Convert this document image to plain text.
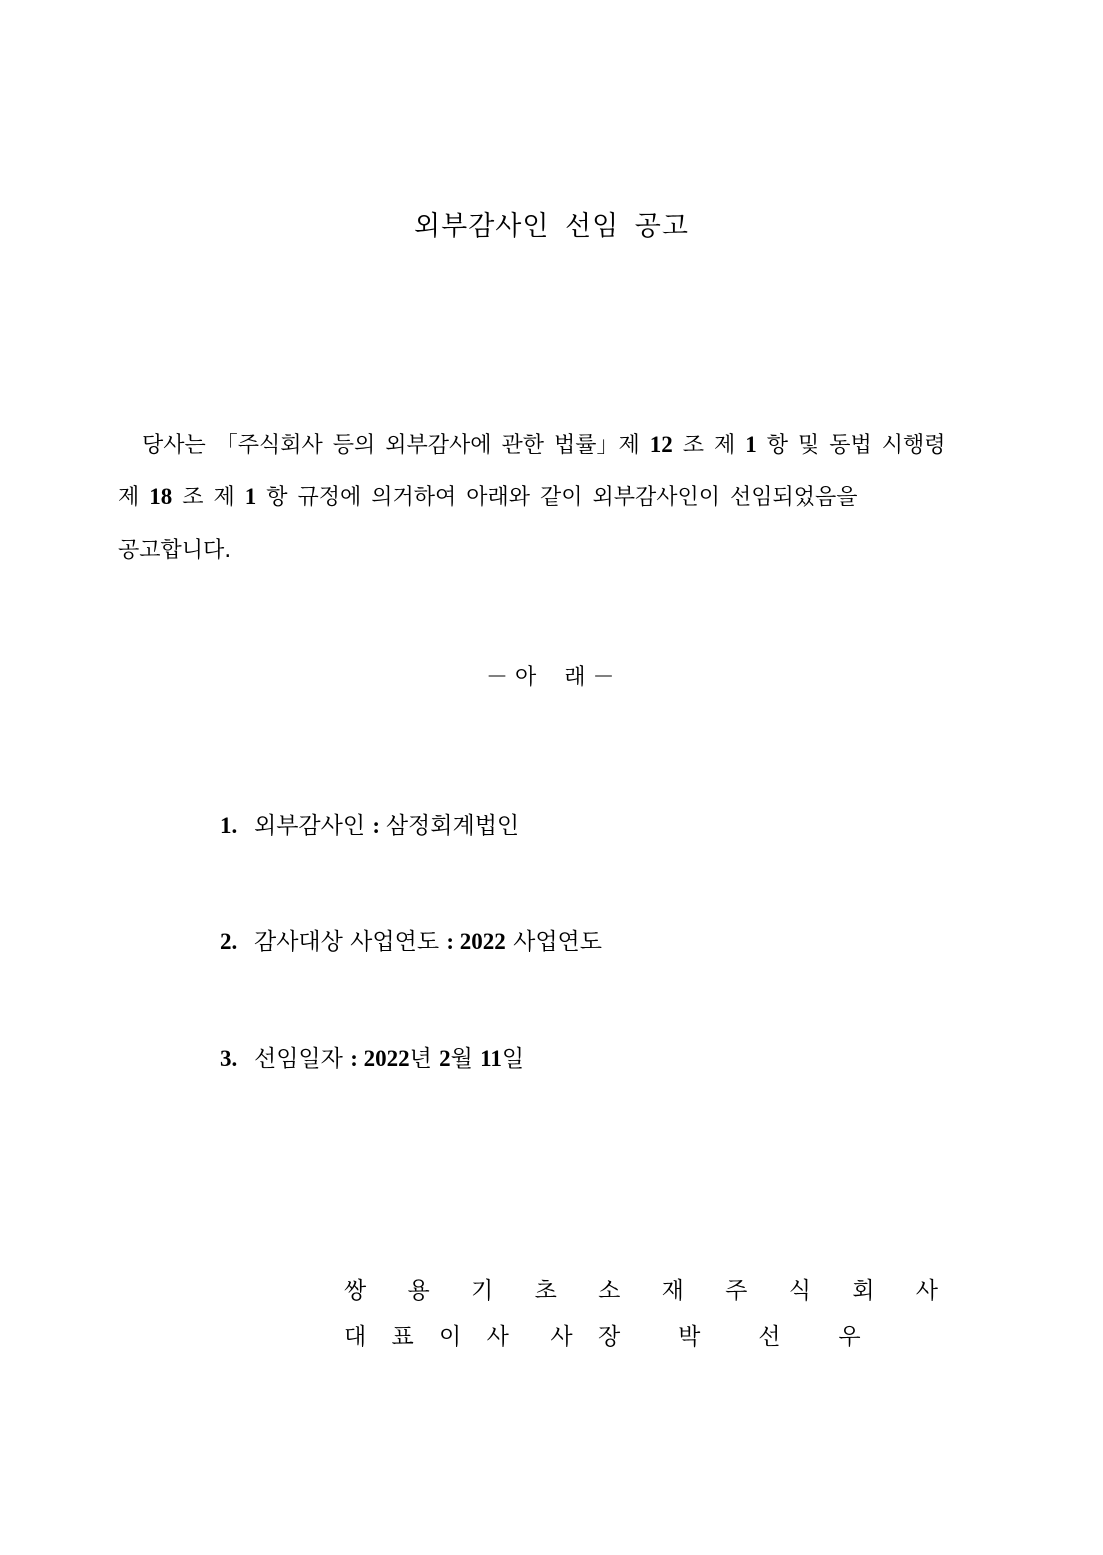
외부감사인 선임 공고
당사는 「주식회사 등의 외부감사에 관한 법률」제 12 조 제 1 항 및 동법 시행령
제 18 조 제 1 항 규정에 의거하여 아래와 같이 외부감사인이 선임되었음을
공고합니다.
－ 아    래 －
1. 외부감사인 : 삼정회계법인
2. 감사대상 사업연도 : 2022 사업연도
3. 선임일자 : 2022년 2월 11일
쌍 용 기 초 소 재 주 식 회 사
대 표 이 사  사 장   박   선   우
